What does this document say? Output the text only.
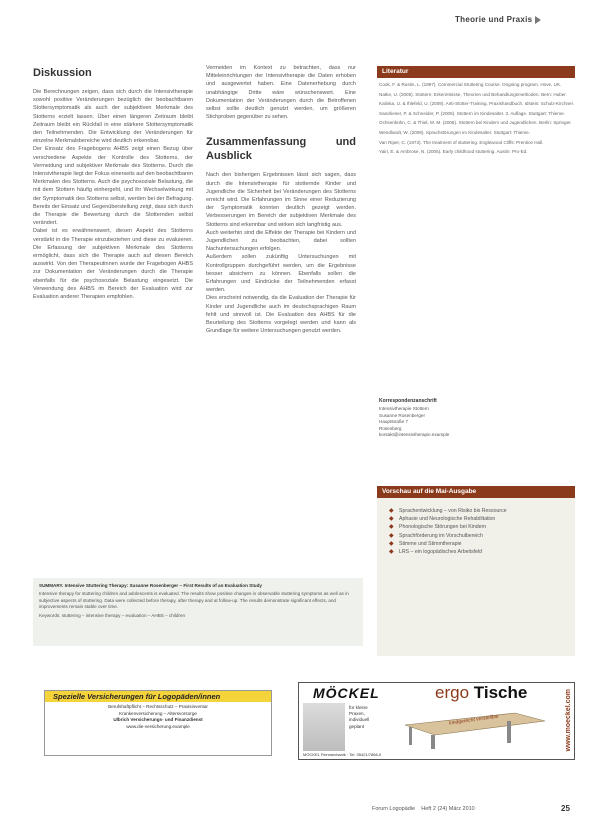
Theorie und Praxis
Diskussion

Die Berechnungen zeigen, dass sich durch die Intensivtherapie sowohl positive Veränderungen bezüglich der beobachtbaren Stottersymptomatik als auch der subjektiven Merkmale des Stotterns erzielt lassen. Über einen längeren Zeitraum bleibt Zeitraum bleibt ein Rückfall in eine stärkere Stottersymptomatik den Teilnehmenden. Die Entwicklung der Veränderungen für einzelne Merkmalsbereiche wird deutlich erkennbar.

Der Einsatz des Fragebogens AHBS zeigt einen Bezug über verschiedene Aspekte der Kontrolle des Stotterns, der Vermeidung und subjektiver Merkmale des Stotterns. Durch die Intensivtherapie liegt der Fokus einerseits auf den beobachtbaren Merkmalen des Stotterns. Auch die psychosoziale Belastung, die mit dem Stottern häufig einhergeht, und ihr Wechselwirkung mit der Symptomatik des Stotterns selbst, werden bei der Befragung. Bereits der Einsatz und Gegenüberstellung zeigt, dass sich durch die Therapie die Bewertung durch die Stotternden selbst verändert.

Dabei ist es erwähnenswert, diesen Aspekt des Stotterns verstärkt in die Therapie einzubeziehen und diese zu evaluieren. Die Erfassung der subjektiven Merkmale des Stotterns ermöglicht, dass sich die Therapie auch auf diesen Bereich auswirkt. Von den Therapeutinnen wurde der Fragebogen AHBS zur Dokumentation der Veränderungen durch die Therapie ebenfalls für die psychosoziale Belastung eingesetzt. Die Verwendung des AHBS im Bereich der Evaluation wird zur Evaluation anderer Therapien empfohlen.

Vermeiden im Kontext zu betrachten, dass nur Mitteleinrichtungen der Intensivtherapie die Daten erhoben und ausgewertet haben. Eine Datenerhebung durch unabhängige Dritte wäre wünschenswert. Eine Dokumentation der Veränderungen durch die Betroffenen selbst sollte deutlich genutzt werden, um größeren Stichproben gegenüber zu sehen.

Zusammenfassung und Ausblick

Nach den bisherigen Ergebnissen lässt sich sagen, dass durch die Intensivtherapie für stotternde Kinder und Jugendliche die Sicherheit bei Veränderungen des Stotterns erreicht wird. Die Erfahrungen im Sinne einer Reduzierung der Symptomatik konnten deutlich gezeigt werden. Verbesserungen im Bereich der subjektiven Merkmale des Stotterns sind erkennbar und wirken sich langfristig aus.

Auch weiterhin sind die Effekte der Therapie bei Kindern und Jugendlichen zu beobachten, dabei sollten Nachuntersuchungen erfolgen.

Außerdem sollen zukünftig Untersuchungen mit Kontrollgruppen durchgeführt werden, um die Ergebnisse besser absichern zu können. Ebenfalls sollen die Erfahrungen und Eindrücke der Teilnehmenden erfasst werden.

Dies erscheint notwendig, da die Evaluation der Therapie für Kinder und Jugendliche auch im deutschsprachigen Raum fehlt und sinnvoll ist. Die Evaluation des AHBS für die Beurteilung des Stotterns vorgelegt werden und kann als Grundlage für weitere Untersuchungen genutzt werden.

Literatur
Cook, F. & Rustin, L. (1997). Commercial Stuttering Course. Ongoing program. Hove, UK.
Natke, U. (2005). Stottern: Erkenntnisse, Theorien und Behandlungsmethoden. Bern: Huber.
Kalinka, U. & Ihlefeld, U. (2009). Anti-Stotter-Training. Praxishandbuch. Idstein: Schulz-Kirchner.
Sandrieser, P. & Schneider, P. (2008). Stottern im Kindesalter. 3. Auflage. Stuttgart: Thieme.
Ochsenkühn, C. & Thiel, M. M. (2005). Stottern bei Kindern und Jugendlichen. Berlin: Springer.
Wendlandt, W. (2009). Sprachstörungen im Kindesalter. Stuttgart: Thieme.
Van Riper, C. (1973). The treatment of stuttering. Englewood Cliffs: Prentice Hall.
Yairi, E. & Ambrose, N. (2005). Early childhood stuttering. Austin: Pro-Ed.
Korrespondenzanschrift
Intensivtherapie Stottern
Susanne Rosenberger
Hauptstraße 7
Rosenberg
kontakt@intensivtherapie.example
Vorschau auf die Mai-Ausgabe
◆ Sprachentwicklung – von Risiko bis Ressource
◆ Aphasie und Neurologische Rehabilitation
◆ Phonologische Störungen bei Kindern
◆ Sprachförderung im Vorschulbereich
◆ Stimme und Stimmtherapie
◆ LRS – ein logopädisches Arbeitsfeld
SUMMARY. Intensive Stuttering Therapy: Susanne Rosenberger – First Results of an Evaluation Study
Intensive therapy for stuttering children and adolescents is evaluated. The results show positive changes in observable stuttering symptoms as well as in subjective aspects of stuttering. Data were collected before therapy, after therapy and at follow-up. The results demonstrate significant effects, and improvements remain stable over time.
Keywords: stuttering – intensive therapy – evaluation – AHBS – children
Spezielle Versicherungen für Logopäden/innen
Berufshaftpflicht – Rechtsschutz – Praxisinventar
Krankenversicherung – Altersvorsorge
Ulbrich Versicherungs- und Finanzdienst
www.die-versicherung.example
MÖCKEL	ergo Tische
für kleine Praxen, individuell geplant	kindgerecht verstellbar	www.moeckel.com
MÖCKEL Feinmechanik · Tel. 05421/7866-0
Forum Logopädie Heft 2 (24) März 2010	25
